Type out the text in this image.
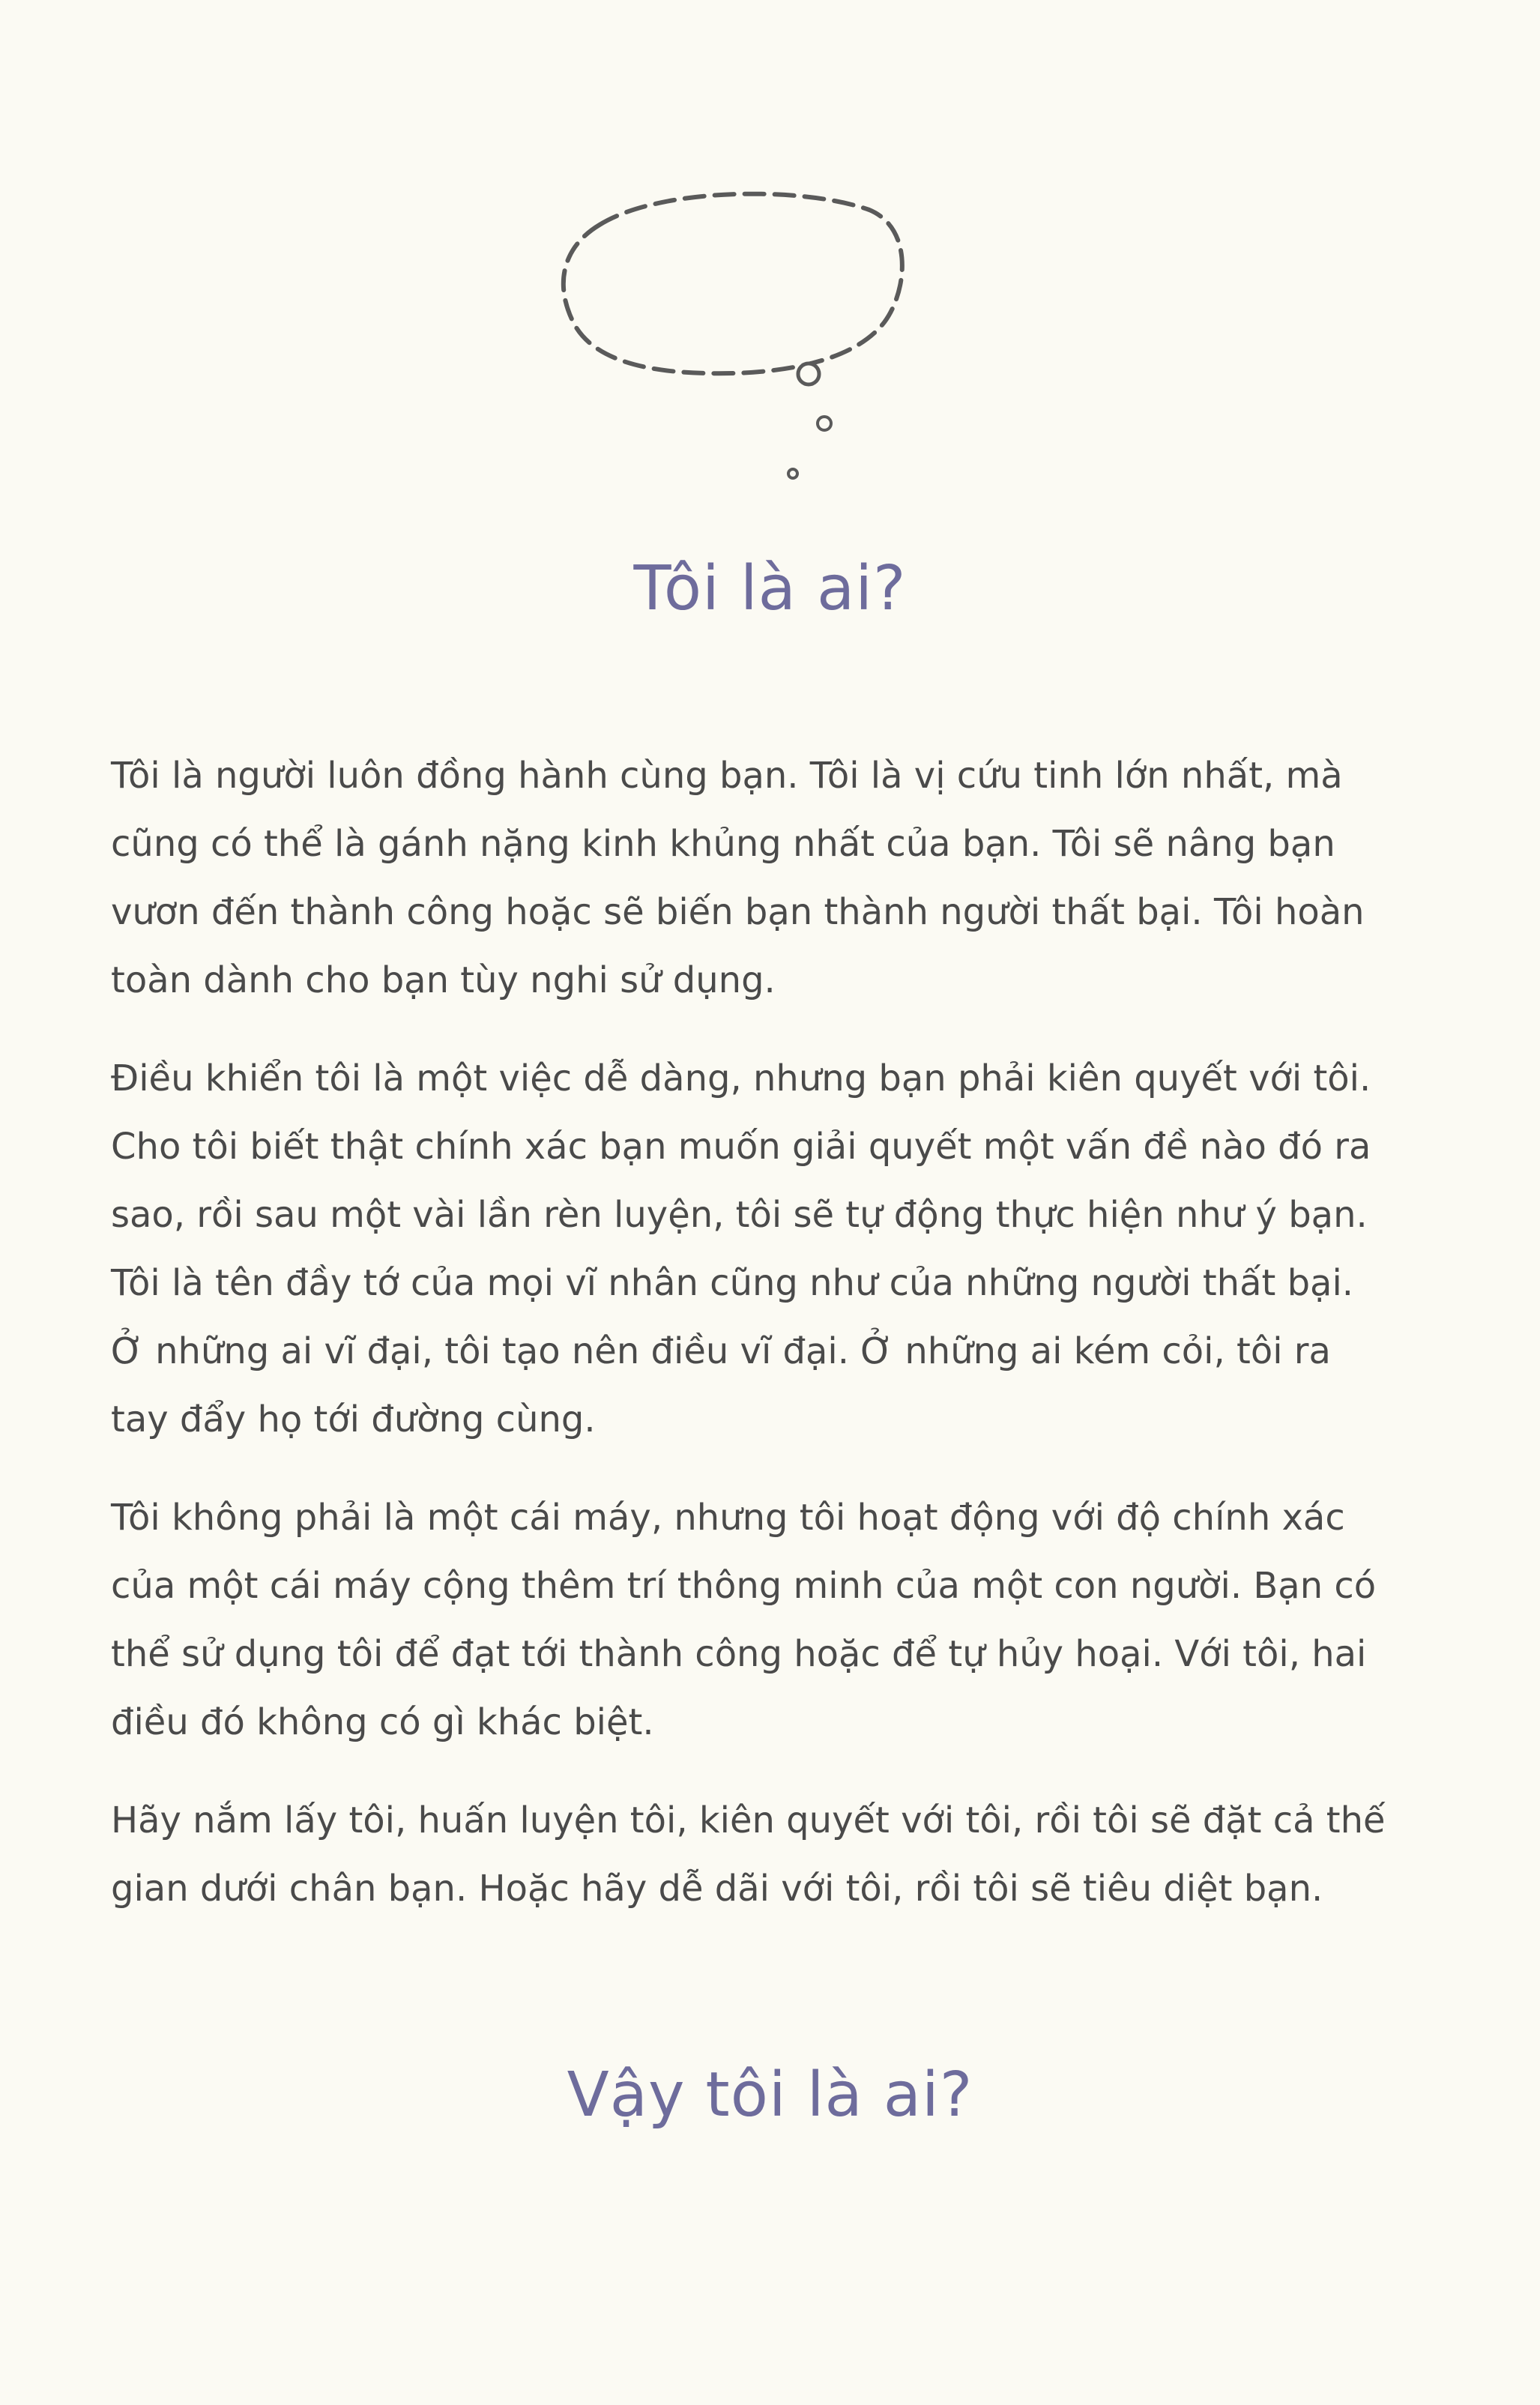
Tôi là ai?

Tôi là người luôn đồng hành cùng bạn. Tôi là vị cứu tinh lớn nhất, mà cũng có thể là gánh nặng kinh khủng nhất của bạn. Tôi sẽ nâng bạn vươn đến thành công hoặc sẽ biến bạn thành người thất bại. Tôi hoàn toàn dành cho bạn tùy nghi sử dụng.

Điều khiển tôi là một việc dễ dàng, nhưng bạn phải kiên quyết với tôi. Cho tôi biết thật chính xác bạn muốn giải quyết một vấn đề nào đó ra sao, rồi sau một vài lần rèn luyện, tôi sẽ tự động thực hiện như ý bạn. Tôi là tên đầy tớ của mọi vĩ nhân cũng như của những người thất bại. Ở những ai vĩ đại, tôi tạo nên điều vĩ đại. Ở những ai kém cỏi, tôi ra tay đẩy họ tới đường cùng.

Tôi không phải là một cái máy, nhưng tôi hoạt động với độ chính xác của một cái máy cộng thêm trí thông minh của một con người. Bạn có thể sử dụng tôi để đạt tới thành công hoặc để tự hủy hoại. Với tôi, hai điều đó không có gì khác biệt.

Hãy nắm lấy tôi, huấn luyện tôi, kiên quyết với tôi, rồi tôi sẽ đặt cả thế gian dưới chân bạn. Hoặc hãy dễ dãi với tôi, rồi tôi sẽ tiêu diệt bạn.

Vậy tôi là ai?
